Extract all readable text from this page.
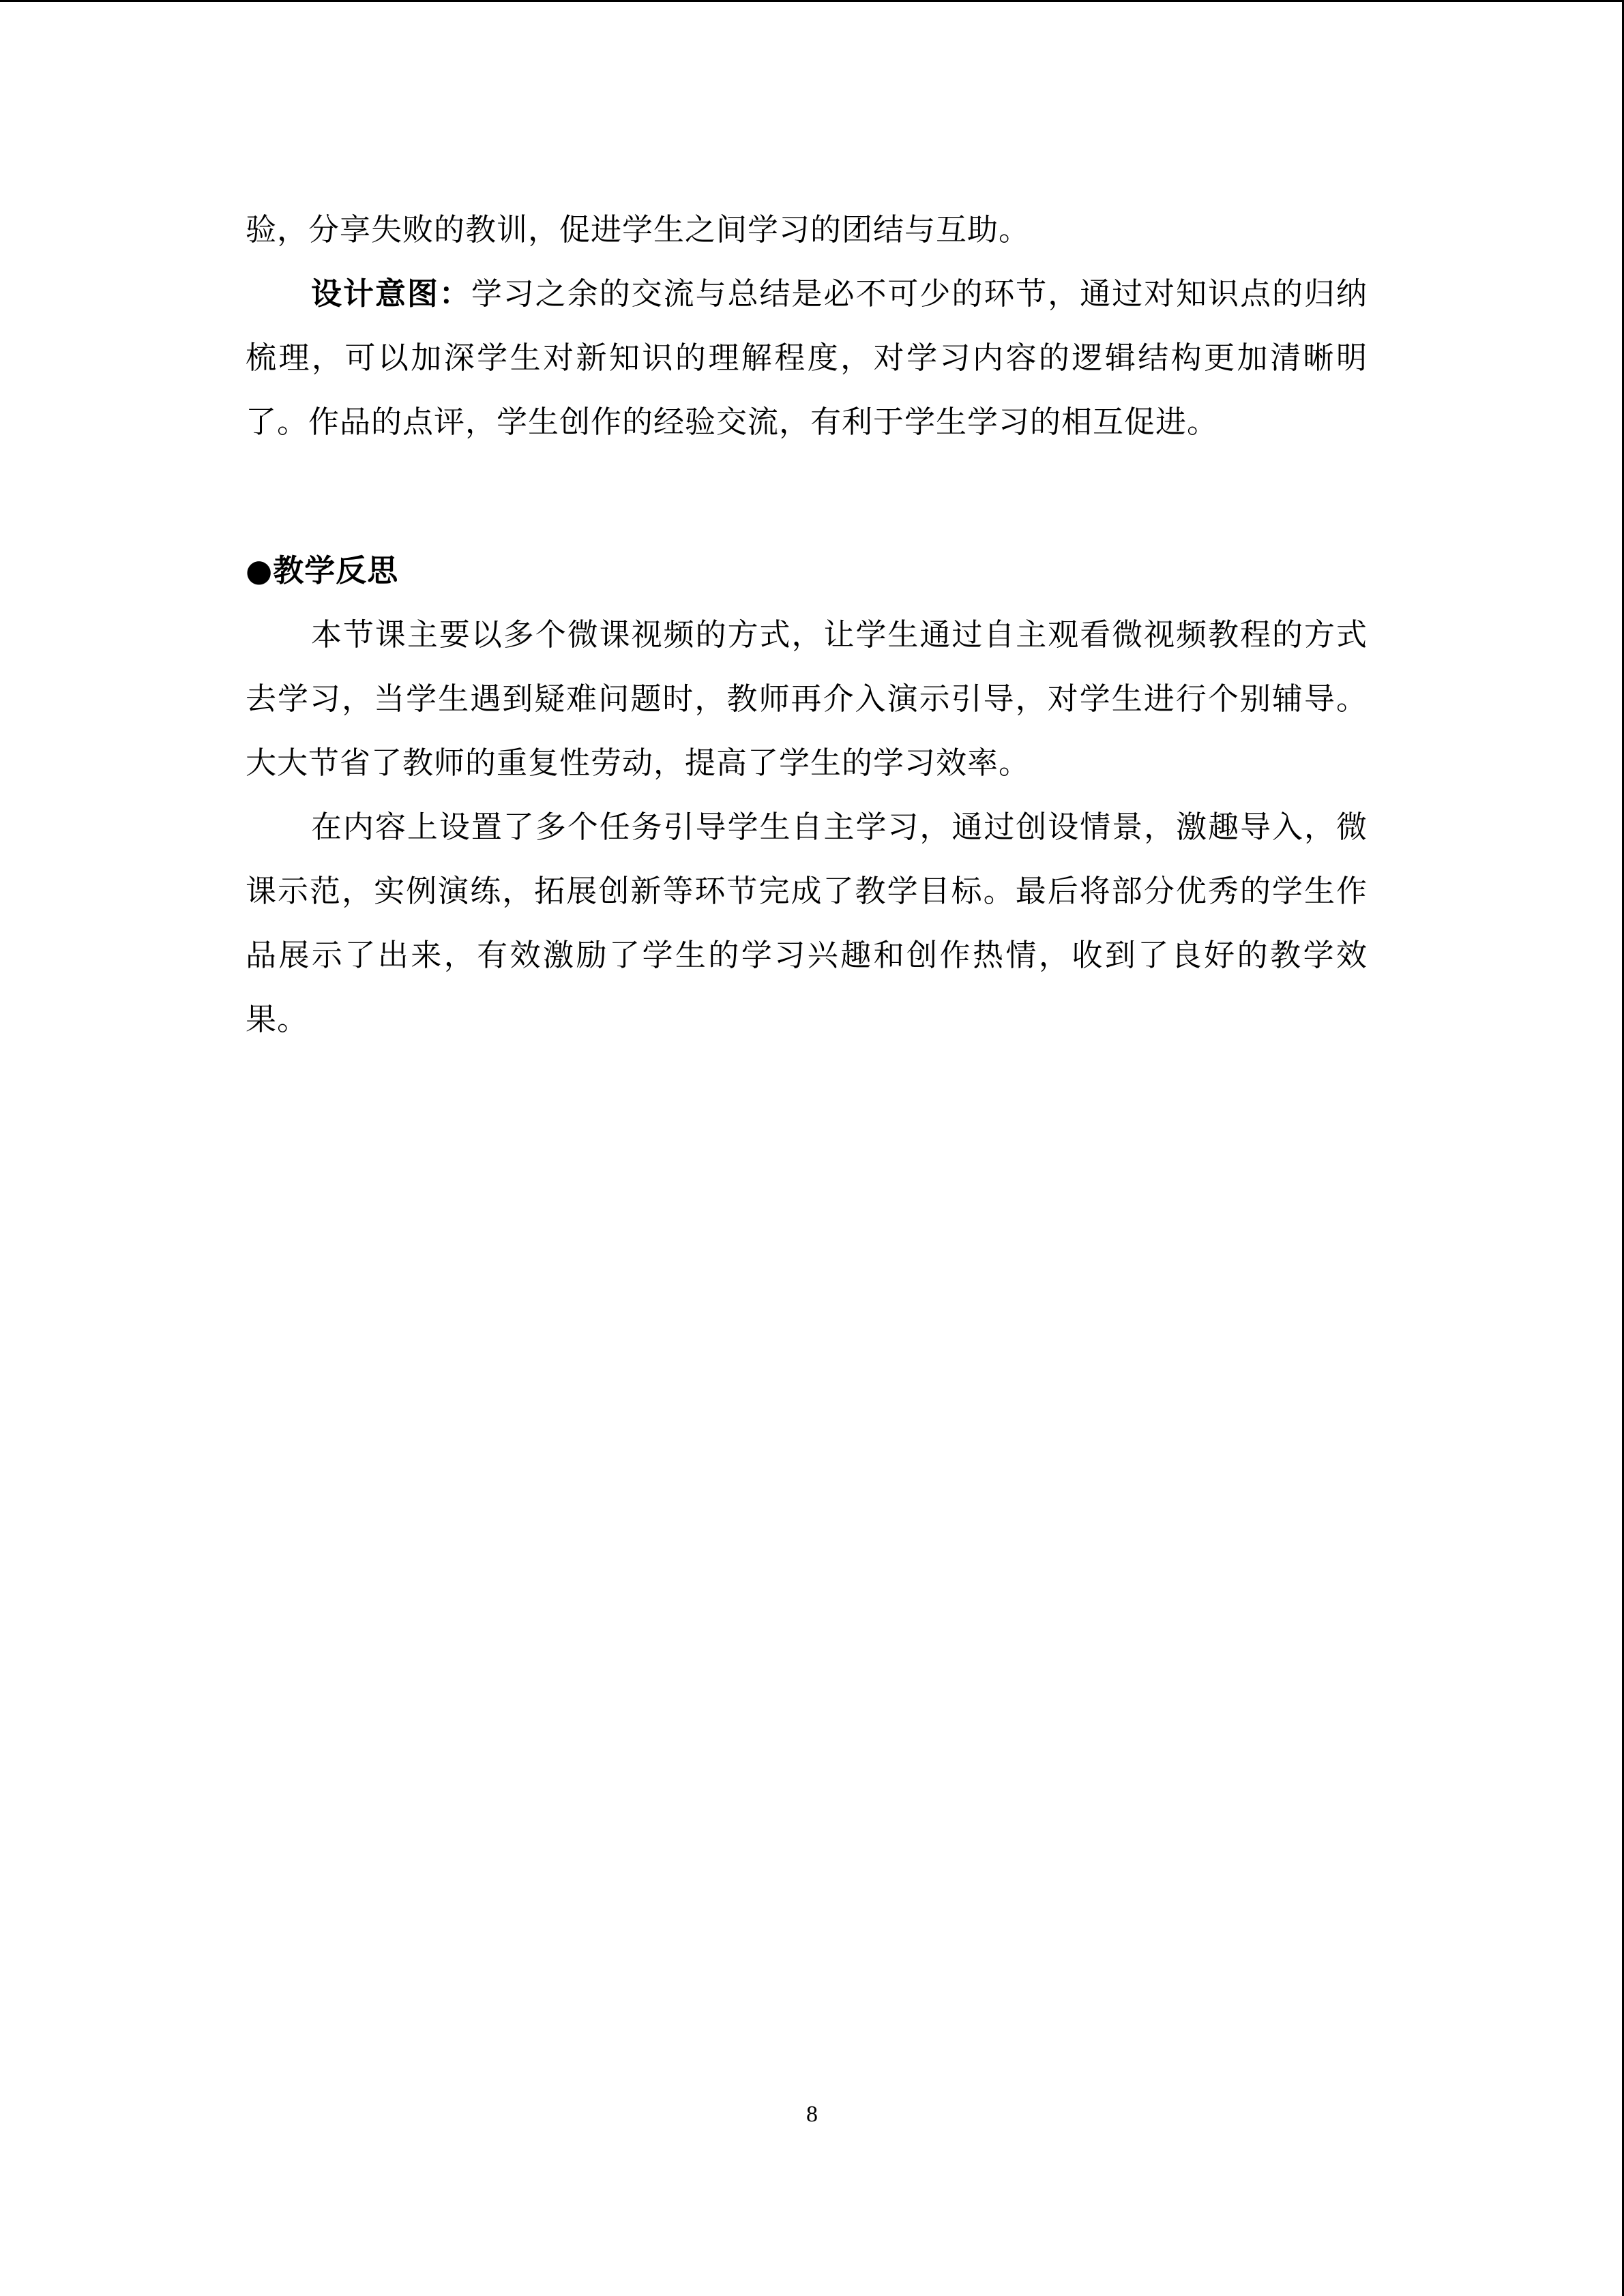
验，分享失败的教训，促进学生之间学习的团结与互助。

设计意图：学习之余的交流与总结是必不可少的环节，通过对知识点的归纳梳理，可以加深学生对新知识的理解程度，对学习内容的逻辑结构更加清晰明了。作品的点评，学生创作的经验交流，有利于学生学习的相互促进。

●教学反思

本节课主要以多个微课视频的方式，让学生通过自主观看微视频教程的方式去学习，当学生遇到疑难问题时，教师再介入演示引导，对学生进行个别辅导。大大节省了教师的重复性劳动，提高了学生的学习效率。

在内容上设置了多个任务引导学生自主学习，通过创设情景，激趣导入，微课示范，实例演练，拓展创新等环节完成了教学目标。最后将部分优秀的学生作品展示了出来，有效激励了学生的学习兴趣和创作热情，收到了良好的教学效果。

8
